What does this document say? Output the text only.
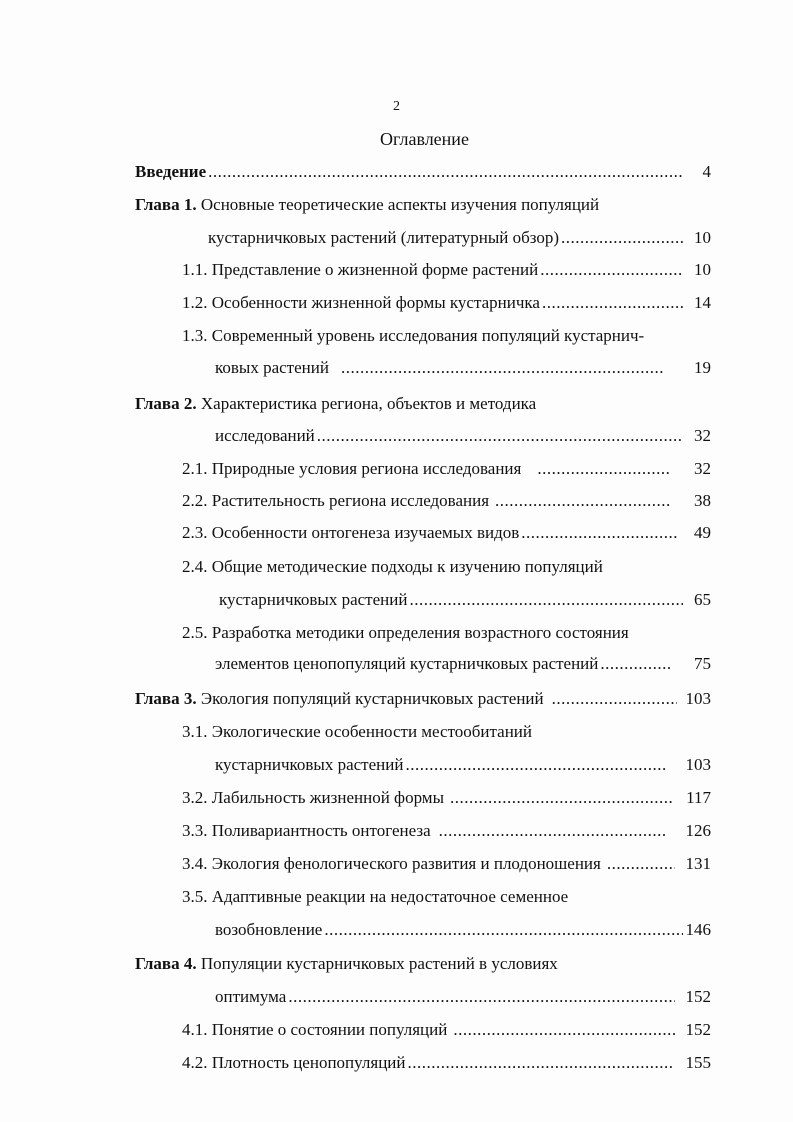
2
Оглавление
Введение .....	4
Глава 1. Основные теоретические аспекты изучения популяций
кустарничковых растений (литературный обзор) .....	10
1.1. Представление о жизненной форме растений .....	10
1.2. Особенности жизненной формы кустарничка .....	14
1.3. Современный уровень исследования популяций кустарнич-
ковых растений .....	19
Глава 2. Характеристика региона, объектов и методика
исследований .....	32
2.1. Природные условия региона исследования .....	32
2.2. Растительность региона исследования .....	38
2.3. Особенности онтогенеза изучаемых видов .....	49
2.4. Общие методические подходы к изучению популяций
кустарничковых растений .....	65
2.5. Разработка методики определения возрастного состояния
элементов ценопопуляций кустарничковых растений .....	75
Глава 3. Экология популяций кустарничковых растений .....	103
3.1. Экологические особенности местообитаний
кустарничковых растений .....	103
3.2. Лабильность жизненной формы .....	117
3.3. Поливариантность онтогенеза .....	126
3.4. Экология фенологического развития и плодоношения .....	131
3.5. Адаптивные реакции на недостаточное семенное
возобновление .....	146
Глава 4. Популяции кустарничковых растений в условиях
оптимума .....	152
4.1. Понятие о состоянии популяций .....	152
4.2. Плотность ценопопуляций .....	155
